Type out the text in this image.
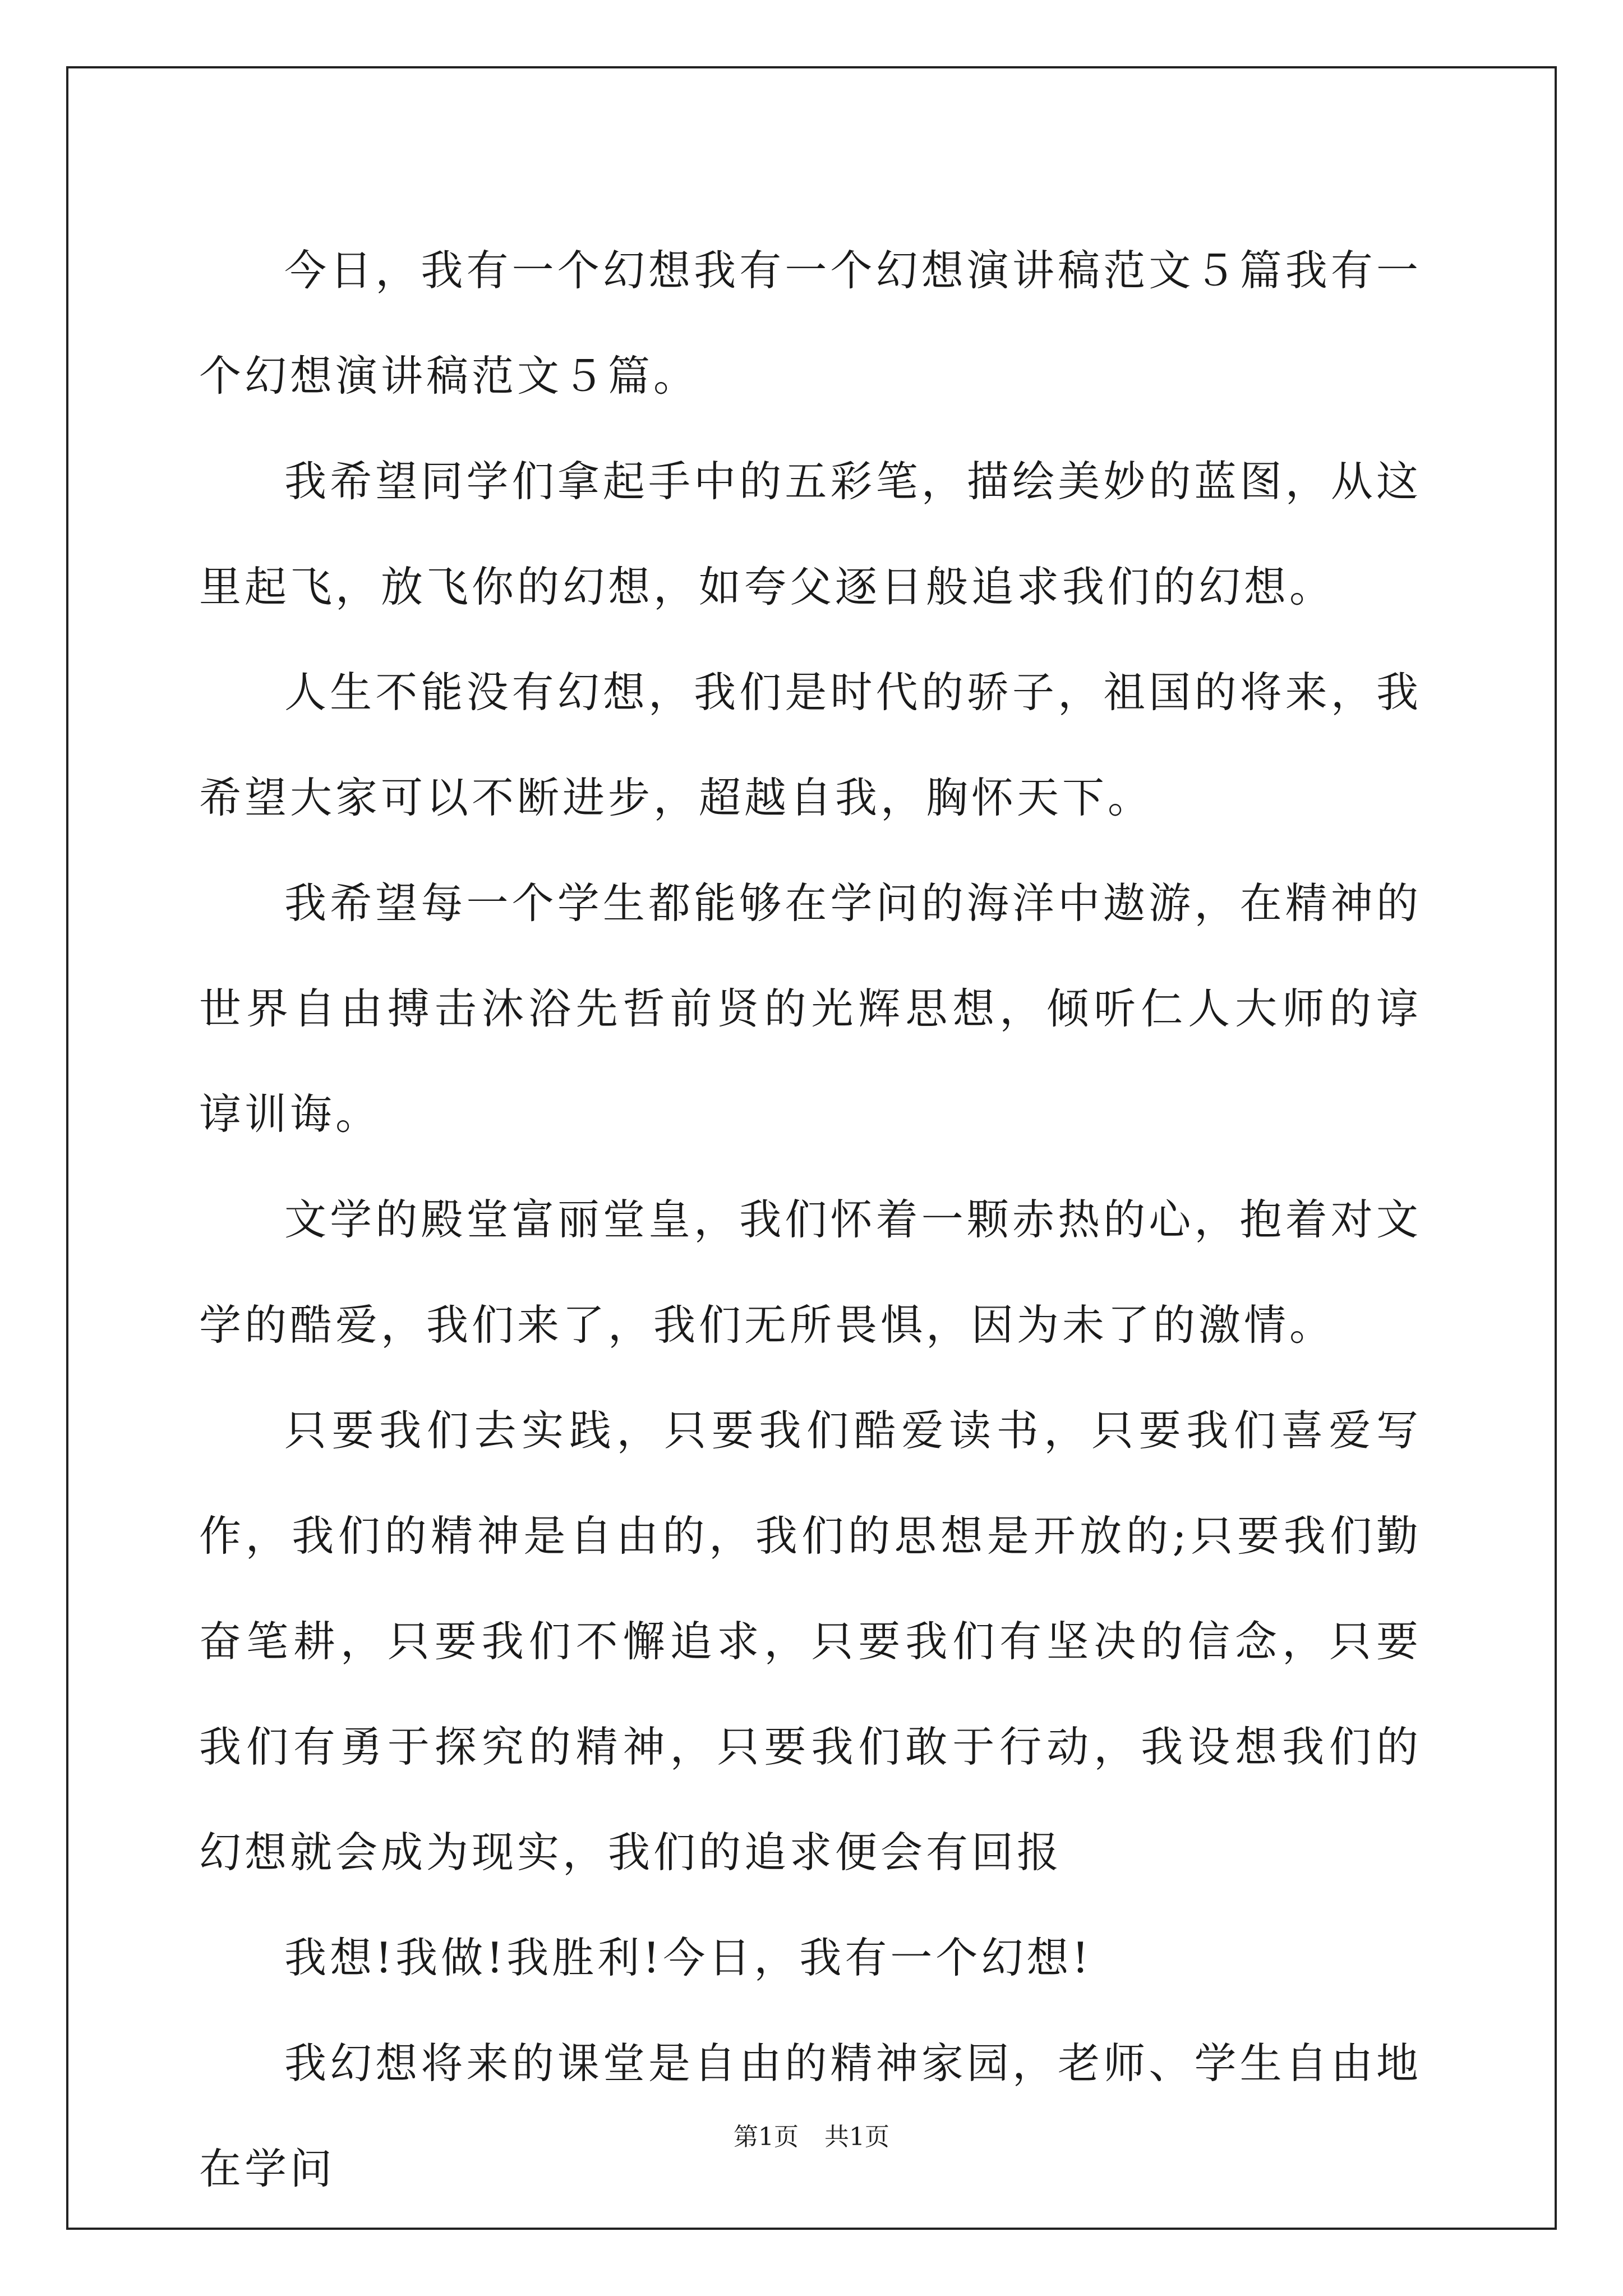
今日，我有一个幻想我有一个幻想演讲稿范文５篇我有一个幻想演讲稿范文５篇。

我希望同学们拿起手中的五彩笔，描绘美妙的蓝图，从这里起飞，放飞你的幻想，如夸父逐日般追求我们的幻想。

人生不能没有幻想，我们是时代的骄子，祖国的将来，我希望大家可以不断进步，超越自我，胸怀天下。

我希望每一个学生都能够在学问的海洋中遨游，在精神的世界自由搏击沐浴先哲前贤的光辉思想，倾听仁人大师的谆谆训诲。

文学的殿堂富丽堂皇，我们怀着一颗赤热的心，抱着对文学的酷爱，我们来了，我们无所畏惧，因为未了的激情。

只要我们去实践，只要我们酷爱读书，只要我们喜爱写作，我们的精神是自由的，我们的思想是开放的;只要我们勤奋笔耕，只要我们不懈追求，只要我们有坚决的信念，只要我们有勇于探究的精神，只要我们敢于行动，我设想我们的幻想就会成为现实，我们的追求便会有回报

我想!我做!我胜利!今日，我有一个幻想!

我幻想将来的课堂是自由的精神家园，老师、学生自由地在学问

第1页 共1页
